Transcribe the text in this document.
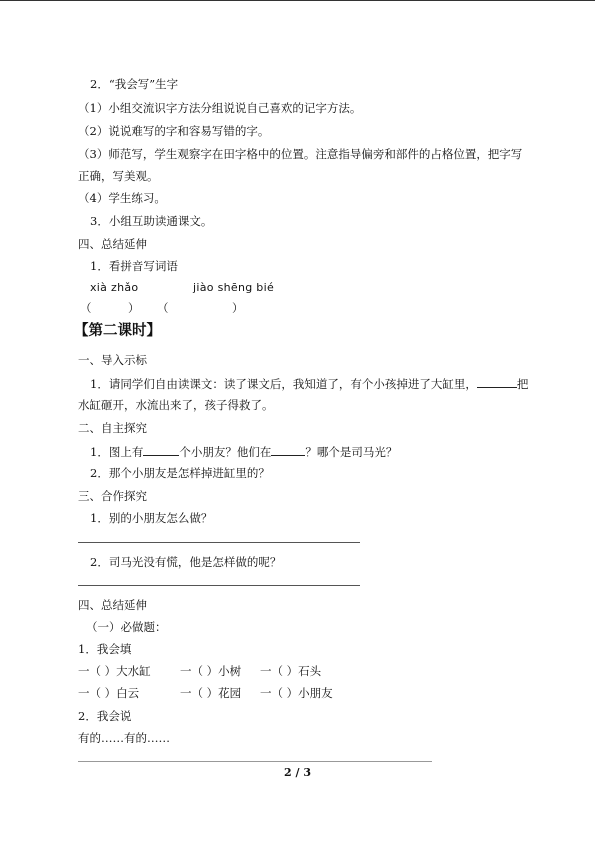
2．“我会写”生字
（1）小组交流识字方法分组说说自己喜欢的记字方法。
（2）说说难写的字和容易写错的字。
（3）师范写，学生观察字在田字格中的位置。注意指导偏旁和部件的占格位置，把字写
正确，写美观。
（4）学生练习。
3．小组互助读通课文。
四、总结延伸
1．看拼音写词语
xià zhǎo	jiào shēng bié
（	） （	）
【第二课时】
一、导入示标
1．请同学们自由读课文：读了课文后，我知道了，有个小孩掉进了大缸里，	把
水缸砸开，水流出来了，孩子得救了。
二、自主探究
1．图上有	个小朋友？他们在	？哪个是司马光？
2．那个小朋友是怎样掉进缸里的？
三、合作探究
1．别的小朋友怎么做？
2．司马光没有慌，他是怎样做的呢？
四、总结延伸
（一）必做题：
1．我会填
一（ ）大水缸	一（ ）小树 一（ ）石头
一（ ）白云	一（ ）花园 一（ ）小朋友
2．我会说
有的……有的……
2 / 3
